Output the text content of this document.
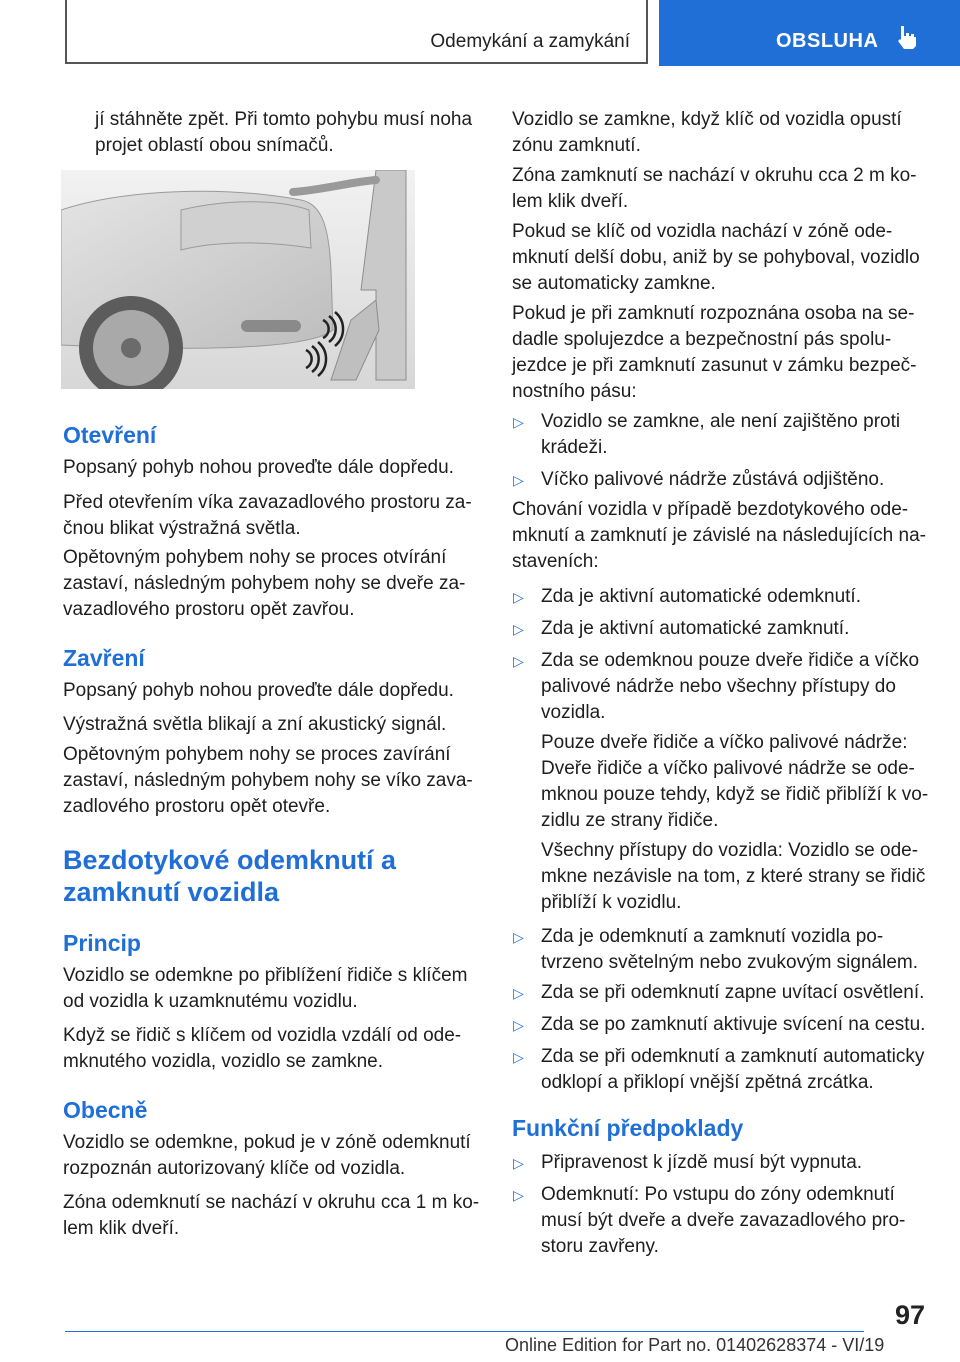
Odemykání a zamykání	OBSLUHA
jí stáhněte zpět. Při tomto pohybu musí noha
projet oblastí obou snímačů.
Otevření
Popsaný pohyb nohou proveďte dále dopředu.
Před otevřením víka zavazadlového prostoru za‐
čnou blikat výstražná světla.
Opětovným pohybem nohy se proces otvírání
zastaví, následným pohybem nohy se dveře za‐
vazadlového prostoru opět zavřou.
Zavření
Popsaný pohyb nohou proveďte dále dopředu.
Výstražná světla blikají a zní akustický signál.
Opětovným pohybem nohy se proces zavírání
zastaví, následným pohybem nohy se víko zava‐
zadlového prostoru opět otevře.
Bezdotykové odemknutí a
zamknutí vozidla
Princip
Vozidlo se odemkne po přiblížení řidiče s klíčem
od vozidla k uzamknutému vozidlu.
Když se řidič s klíčem od vozidla vzdálí od ode‐
mknutého vozidla, vozidlo se zamkne.
Obecně
Vozidlo se odemkne, pokud je v zóně odemknutí
rozpoznán autorizovaný klíče od vozidla.
Zóna odemknutí se nachází v okruhu cca 1 m ko‐
lem klik dveří.
Vozidlo se zamkne, když klíč od vozidla opustí
zónu zamknutí.
Zóna zamknutí se nachází v okruhu cca 2 m ko‐
lem klik dveří.
Pokud se klíč od vozidla nachází v zóně ode‐
mknutí delší dobu, aniž by se pohyboval, vozidlo
se automaticky zamkne.
Pokud je při zamknutí rozpoznána osoba na se‐
dadle spolujezdce a bezpečnostní pás spolu‐
jezdce je při zamknutí zasunut v zámku bezpeč‐
nostního pásu:
▷ Vozidlo se zamkne, ale není zajištěno proti
krádeži.
▷ Víčko palivové nádrže zůstává odjištěno.
Chování vozidla v případě bezdotykového ode‐
mknutí a zamknutí je závislé na následujících na‐
staveních:
▷ Zda je aktivní automatické odemknutí.
▷ Zda je aktivní automatické zamknutí.
▷ Zda se odemknou pouze dveře řidiče a víčko
palivové nádrže nebo všechny přístupy do
vozidla.
Pouze dveře řidiče a víčko palivové nádrže:
Dveře řidiče a víčko palivové nádrže se ode‐
mknou pouze tehdy, když se řidič přiblíží k vo‐
zidlu ze strany řidiče.
Všechny přístupy do vozidla: Vozidlo se ode‐
mkne nezávisle na tom, z které strany se řidič
přiblíží k vozidlu.
▷ Zda je odemknutí a zamknutí vozidla po‐
tvrzeno světelným nebo zvukovým signálem.
▷ Zda se při odemknutí zapne uvítací osvětlení.
▷ Zda se po zamknutí aktivuje svícení na cestu.
▷ Zda se při odemknutí a zamknutí automaticky
odklopí a přiklopí vnější zpětná zrcátka.
Funkční předpoklady
▷ Připravenost k jízdě musí být vypnuta.
▷ Odemknutí: Po vstupu do zóny odemknutí
musí být dveře a dveře zavazadlového pro‐
storu zavřeny.
97
Online Edition for Part no. 01402628374 - VI/19
